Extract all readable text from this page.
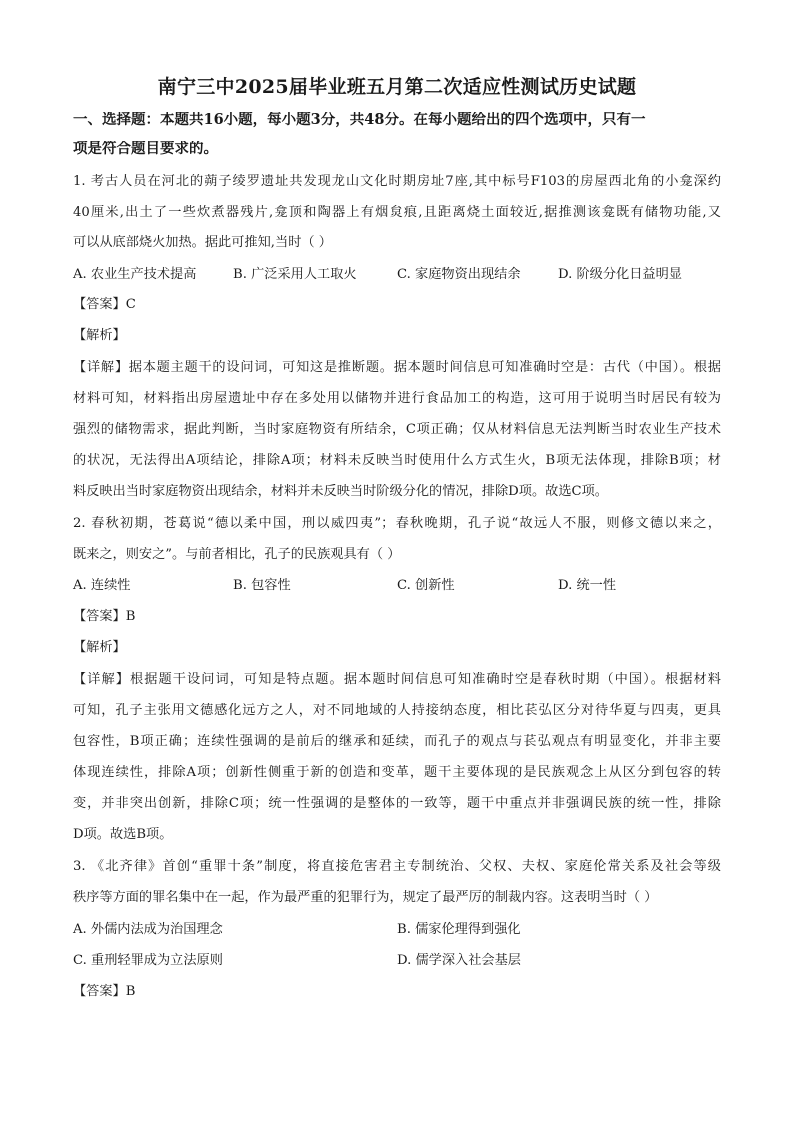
南宁三中2025届毕业班五月第二次适应性测试历史试题
一、选择题：本题共16小题，每小题3分，共48分。在每小题给出的四个选项中，只有一
项是符合题目要求的。
1. 考古人员在河北的蒴子绫罗遗址共发现龙山文化时期房址7座,其中标号F103的房屋西北角的小龛深约
40厘米,出土了一些炊煮器残片,龛顶和陶器上有烟炱痕,且距离烧土面较近,据推测该龛既有储物功能,又
可以从底部烧火加热。据此可推知,当时（ ）
A. 农业生产技术提高	B. 广泛采用人工取火	C. 家庭物资出现结余	D. 阶级分化日益明显
【答案】C
【解析】
【详解】据本题主题干的设问词，可知这是推断题。据本题时间信息可知准确时空是：古代（中国）。根据
材料可知，材料指出房屋遗址中存在多处用以储物并进行食品加工的构造，这可用于说明当时居民有较为
强烈的储物需求，据此判断，当时家庭物资有所结余，C项正确；仅从材料信息无法判断当时农业生产技术
的状况，无法得出A项结论，排除A项；材料未反映当时使用什么方式生火，B项无法体现，排除B项；材
料反映出当时家庭物资出现结余，材料并未反映当时阶级分化的情况，排除D项。故选C项。
2. 春秋初期，苍葛说“德以柔中国，刑以威四夷”；春秋晚期，孔子说“故远人不服，则修文德以来之，
既来之，则安之”。与前者相比，孔子的民族观具有（ ）
A. 连续性	B. 包容性	C. 创新性	D. 统一性
【答案】B
【解析】
【详解】根据题干设问词，可知是特点题。据本题时间信息可知准确时空是春秋时期（中国）。根据材料
可知，孔子主张用文德感化远方之人，对不同地域的人持接纳态度，相比苌弘区分对待华夏与四夷，更具
包容性，B项正确；连续性强调的是前后的继承和延续，而孔子的观点与苌弘观点有明显变化，并非主要
体现连续性，排除A项；创新性侧重于新的创造和变革，题干主要体现的是民族观念上从区分到包容的转
变，并非突出创新，排除C项；统一性强调的是整体的一致等，题干中重点并非强调民族的统一性，排除
D项。故选B项。
3. 《北齐律》首创“重罪十条”制度，将直接危害君主专制统治、父权、夫权、家庭伦常关系及社会等级
秩序等方面的罪名集中在一起，作为最严重的犯罪行为，规定了最严厉的制裁内容。这表明当时（ ）
A. 外儒内法成为治国理念	B. 儒家伦理得到强化
C. 重刑轻罪成为立法原则	D. 儒学深入社会基层
【答案】B
